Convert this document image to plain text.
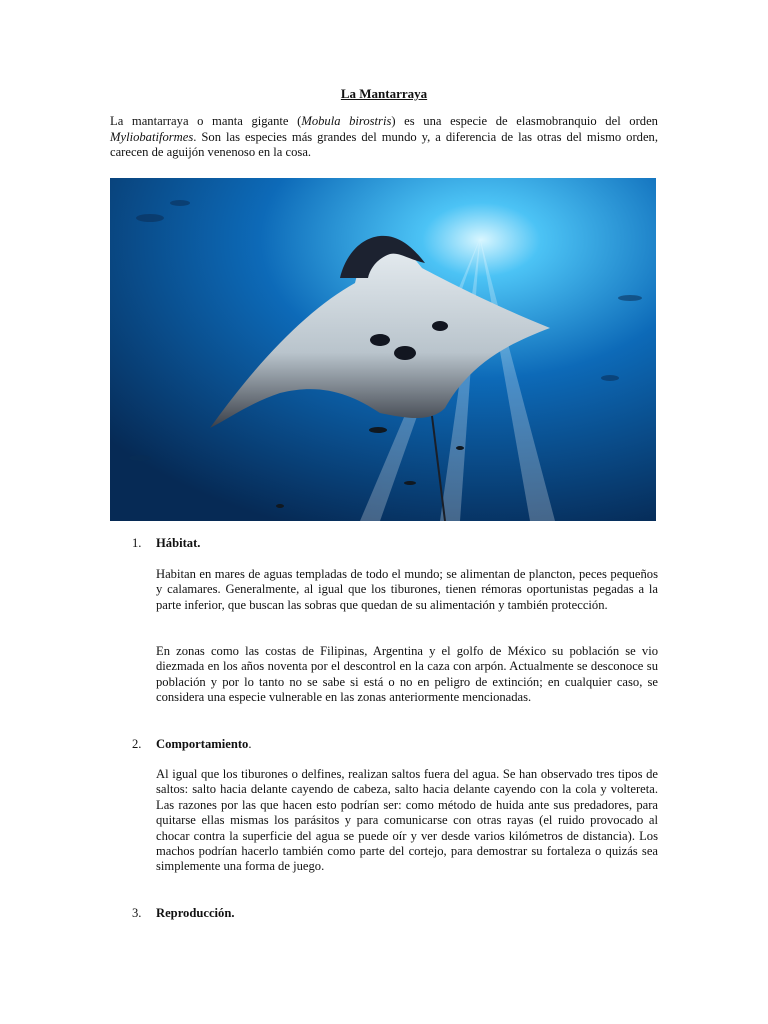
La Mantarraya
La mantarraya o manta gigante (Mobula birostris) es una especie de elasmobranquio del orden Myliobatiformes. Son las especies más grandes del mundo y, a diferencia de las otras del mismo orden, carecen de aguijón venenoso en la cosa.
1. Hábitat.
Habitan en mares de aguas templadas de todo el mundo; se alimentan de plancton, peces pequeños y calamares. Generalmente, al igual que los tiburones, tienen rémoras oportunistas pegadas a la parte inferior, que buscan las sobras que quedan de su alimentación y también protección.
En zonas como las costas de Filipinas, Argentina y el golfo de México su población se vio diezmada en los años noventa por el descontrol en la caza con arpón. Actualmente se desconoce su población y por lo tanto no se sabe si está o no en peligro de extinción; en cualquier caso, se considera una especie vulnerable en las zonas anteriormente mencionadas.
2. Comportamiento.
Al igual que los tiburones o delfines, realizan saltos fuera del agua. Se han observado tres tipos de saltos: salto hacia delante cayendo de cabeza, salto hacia delante cayendo con la cola y voltereta. Las razones por las que hacen esto podrían ser: como método de huida ante sus predadores, para quitarse ellas mismas los parásitos y para comunicarse con otras rayas (el ruido provocado al chocar contra la superficie del agua se puede oír y ver desde varios kilómetros de distancia). Los machos podrían hacerlo también como parte del cortejo, para demostrar su fortaleza o quizás sea simplemente una forma de juego.
3. Reproducción.
